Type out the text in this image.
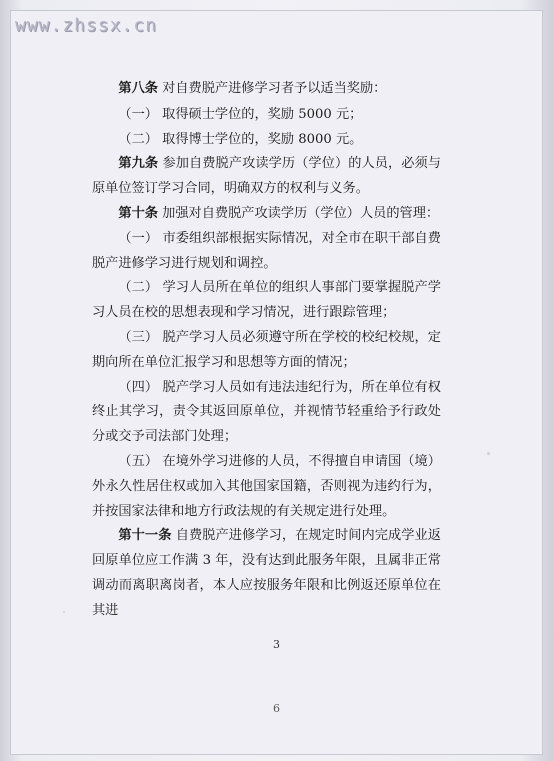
www.zhssx.cn

第八条 对自费脱产进修学习者予以适当奖励：

（一） 取得硕士学位的，奖励 5000 元；

（二） 取得博士学位的，奖励 8000 元。

第九条 参加自费脱产攻读学历（学位）的人员，必须与原单位签订学习合同，明确双方的权利与义务。

第十条 加强对自费脱产攻读学历（学位）人员的管理：

（一） 市委组织部根据实际情况，对全市在职干部自费脱产进修学习进行规划和调控。

（二） 学习人员所在单位的组织人事部门要掌握脱产学习人员在校的思想表现和学习情况，进行跟踪管理；

（三） 脱产学习人员必须遵守所在学校的校纪校规，定期向所在单位汇报学习和思想等方面的情况；

（四） 脱产学习人员如有违法违纪行为，所在单位有权终止其学习，责令其返回原单位，并视情节轻重给予行政处分或交予司法部门处理；

（五） 在境外学习进修的人员，不得擅自申请国（境）外永久性居住权或加入其他国家国籍，否则视为违约行为，并按国家法律和地方行政法规的有关规定进行处理。

第十一条 自费脱产进修学习，在规定时间内完成学业返回原单位应工作满 3 年，没有达到此服务年限，且属非正常调动而离职离岗者，本人应按服务年限和比例返还原单位在其进

3
6
